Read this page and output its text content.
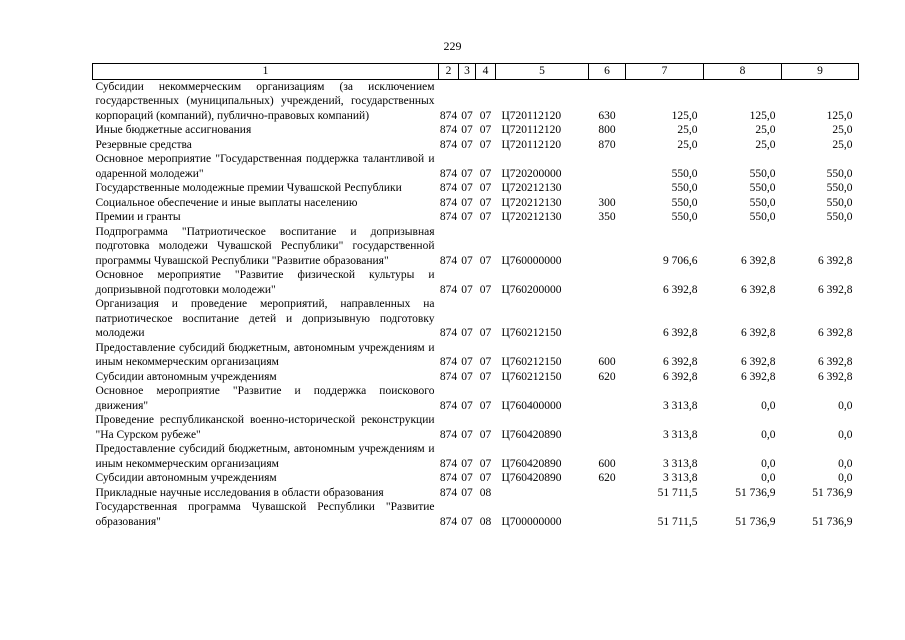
229
1	2	3	4	5	6	7	8	9
Субсидии некоммерческим организациям (за исключением государственных (муниципальных) учреждений, государственных корпораций (компаний), публично-правовых компаний)	874	07	07	Ц720112120	630	125,0	125,0	125,0
Иные бюджетные ассигнования	874	07	07	Ц720112120	800	25,0	25,0	25,0
Резервные средства	874	07	07	Ц720112120	870	25,0	25,0	25,0
Основное мероприятие "Государственная поддержка талантливой и одаренной молодежи"	874	07	07	Ц720200000		550,0	550,0	550,0
Государственные молодежные премии Чувашской Республики	874	07	07	Ц720212130		550,0	550,0	550,0
Социальное обеспечение и иные выплаты населению	874	07	07	Ц720212130	300	550,0	550,0	550,0
Премии и гранты	874	07	07	Ц720212130	350	550,0	550,0	550,0
Подпрограмма "Патриотическое воспитание и допризывная подготовка молодежи Чувашской Республики" государственной программы Чувашской Республики "Развитие образования"	874	07	07	Ц760000000		9 706,6	6 392,8	6 392,8
Основное мероприятие "Развитие физической культуры и допризывной подготовки молодежи"	874	07	07	Ц760200000		6 392,8	6 392,8	6 392,8
Организация и проведение мероприятий, направленных на патриотическое воспитание детей и допризывную подготовку молодежи	874	07	07	Ц760212150		6 392,8	6 392,8	6 392,8
Предоставление субсидий бюджетным, автономным учреждениям и иным некоммерческим организациям	874	07	07	Ц760212150	600	6 392,8	6 392,8	6 392,8
Субсидии автономным учреждениям	874	07	07	Ц760212150	620	6 392,8	6 392,8	6 392,8
Основное мероприятие "Развитие и поддержка поискового движения"	874	07	07	Ц760400000		3 313,8	0,0	0,0
Проведение республиканской военно-исторической реконструкции "На Сурском рубеже"	874	07	07	Ц760420890		3 313,8	0,0	0,0
Предоставление субсидий бюджетным, автономным учреждениям и иным некоммерческим организациям	874	07	07	Ц760420890	600	3 313,8	0,0	0,0
Субсидии автономным учреждениям	874	07	07	Ц760420890	620	3 313,8	0,0	0,0
Прикладные научные исследования в области образования	874	07	08			51 711,5	51 736,9	51 736,9
Государственная программа Чувашской Республики "Развитие образования"	874	07	08	Ц700000000		51 711,5	51 736,9	51 736,9
